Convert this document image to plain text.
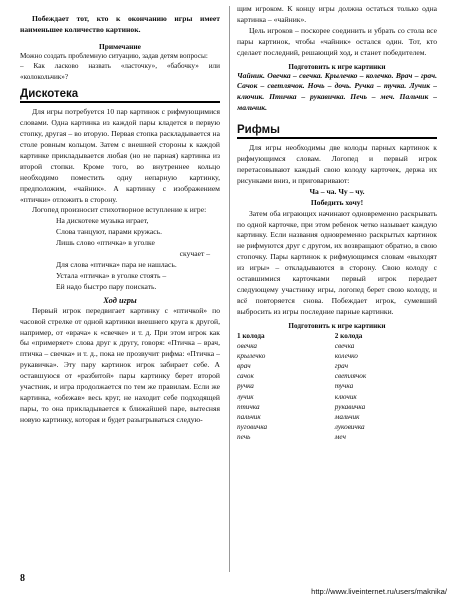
Побеждает тот, кто к окончанию игры имеет наименьшее количество картинок.

Примечание

Можно создать проблемную ситуацию, задав детям вопросы:

– Как ласково назвать «ласточку», «бабочку» или «колокольчик»?

Дискотека

Для игры потребуется 10 пар картинок с рифмующимися словами. Одна картинка из каждой пары кладется в первую стопку, другая – во вторую. Первая стопка раскладывается на столе ровным кольцом. Затем с внешней стороны к каждой картинке прикладывается любая (но не парная) картинка из второй стопки. Кроме того, во внутреннее кольцо необходимо поместить одну непарную картинку, предположим, «чайник». А картинку с изображением «птички» отложить в сторону.

Логопед произносит стихотворное вступление к игре:

На дискотеке музыка играет,

Слова танцуют, парами кружась.

Лишь слово «птичка» в уголке

скучает –

Для слова «птичка» пара не нашлась.

Устала «птичка» в уголке стоять –

Ей надо быстро пару поискать.

Ход игры

Первый игрок передвигает картинку с «птичкой» по часовой стрелке от одной картинки внешнего круга к другой, например, от «врача» к «свечке» и т. д. При этом игрок как бы «примеряет» слова друг к другу, говоря: «Птичка – врач, птичка – свечка» и т. д., пока не прозвучит рифма: «Птичка – рукавичка». Эту пару картинок игрок забирает себе. А оставшуюся от «разбитой» пары картинку берет второй участник, и игра продолжается по тем же правилам. Если же картинка, «обежав» весь круг, не находит себе подходящей пары, то она прикладывается к ближайшей паре, вытесняя новую картинку, которая и будет разыгрываться следую-

щим игроком. К концу игры должна остаться только одна картинка – «чайник».

Цель игроков – поскорее соединить и убрать со стола все пары картинок, чтобы «чайник» остался один. Тот, кто сделает последний, решающий ход, и станет победителем.

Подготовить к игре картинки

Чайник. Овечка – свечка. Крылечко – колечко. Врач – грач. Сачок – светлячок. Ночь – дочь. Ручка – тучка. Лучик – ключик. Птичка – рукавичка. Печь – меч. Пальчик – мальчик.

Рифмы

Для игры необходимы две колоды парных картинок к рифмующимся словам. Логопед и первый игрок перетасовывают каждый свою колоду карточек, держа их рисунками вниз, и приговаривают:

Ча – ча. Чу – чу.

Победить хочу!

Затем оба играющих начинают одновременно раскрывать по одной карточке, при этом ребенок четко называет каждую картинку. Если названия одновременно раскрытых картинок не рифмуются друг с другом, их возвращают обратно, в свою стопочку. Пары картинок к рифмующимся словам «выходят из игры» – откладываются в сторону. Свою колоду с оставшимися карточками первый игрок передает следующему участнику игры, логопед берет свою колоду, и всё повторяется снова. Побеждает игрок, сумевший выбросить из игры последние парные картинки.

Подготовить к игре картинки

1 колода	2 колода
овечка	свечка
крылечко	колечко
врач	грач
сачок	светлячок
ручка	тучка
лучик	ключик
птичка	рукавичка
пальчик	мальчик
пуговичка	луковичка
печь	меч
8
http://www.liveinternet.ru/users/maknika/
